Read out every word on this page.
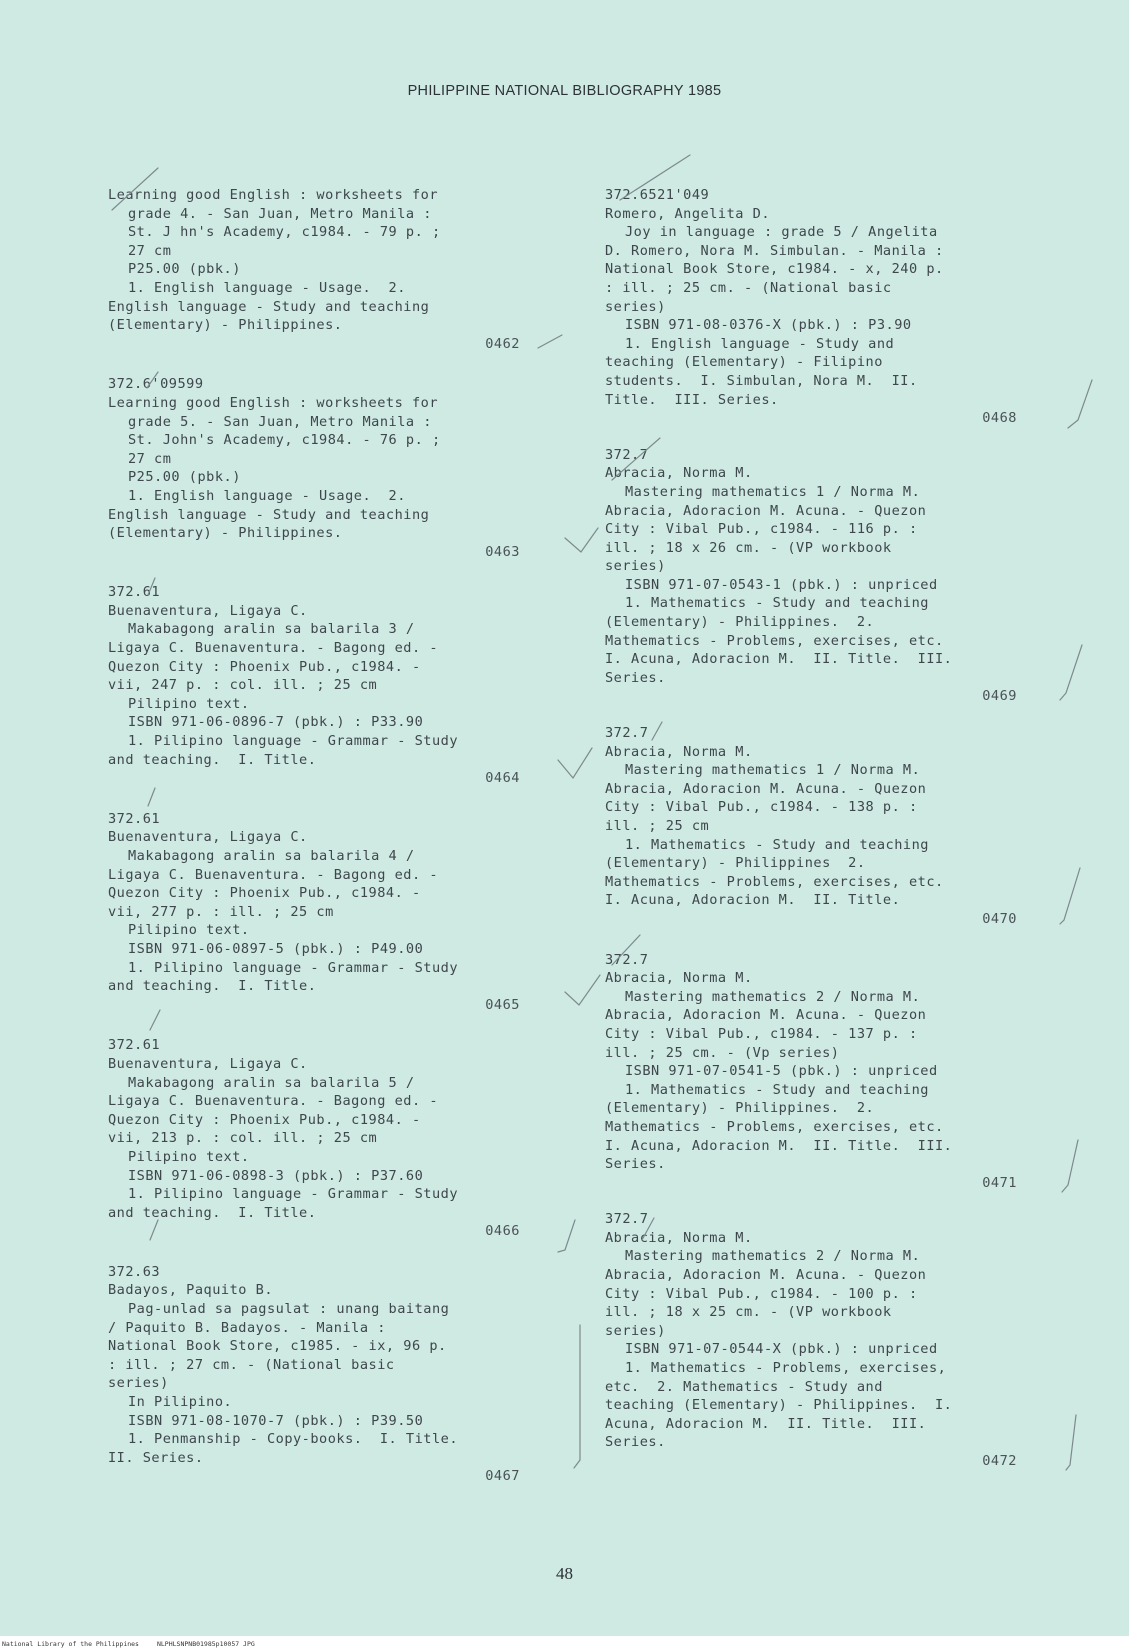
PHILIPPINE NATIONAL BIBLIOGRAPHY 1985
Learning good English : worksheets for
grade 4. - San Juan, Metro Manila :
St. J hn's Academy, c1984. - 79 p. ;
27 cm
P25.00 (pbk.)
1. English language - Usage.  2.
English language - Study and teaching
(Elementary) - Philippines.
0462
372.6'09599
Learning good English : worksheets for
grade 5. - San Juan, Metro Manila :
St. John's Academy, c1984. - 76 p. ;
27 cm
P25.00 (pbk.)
1. English language - Usage.  2.
English language - Study and teaching
(Elementary) - Philippines.
0463
372.61
Buenaventura, Ligaya C.
Makabagong aralin sa balarila 3 /
Ligaya C. Buenaventura. - Bagong ed. -
Quezon City : Phoenix Pub., c1984. -
vii, 247 p. : col. ill. ; 25 cm
Pilipino text.
ISBN 971-06-0896-7 (pbk.) : P33.90
1. Pilipino language - Grammar - Study
and teaching.  I. Title.
0464
372.61
Buenaventura, Ligaya C.
Makabagong aralin sa balarila 4 /
Ligaya C. Buenaventura. - Bagong ed. -
Quezon City : Phoenix Pub., c1984. -
vii, 277 p. : ill. ; 25 cm
Pilipino text.
ISBN 971-06-0897-5 (pbk.) : P49.00
1. Pilipino language - Grammar - Study
and teaching.  I. Title.
0465
372.61
Buenaventura, Ligaya C.
Makabagong aralin sa balarila 5 /
Ligaya C. Buenaventura. - Bagong ed. -
Quezon City : Phoenix Pub., c1984. -
vii, 213 p. : col. ill. ; 25 cm
Pilipino text.
ISBN 971-06-0898-3 (pbk.) : P37.60
1. Pilipino language - Grammar - Study
and teaching.  I. Title.
0466
372.63
Badayos, Paquito B.
Pag-unlad sa pagsulat : unang baitang
/ Paquito B. Badayos. - Manila :
National Book Store, c1985. - ix, 96 p.
: ill. ; 27 cm. - (National basic
series)
In Pilipino.
ISBN 971-08-1070-7 (pbk.) : P39.50
1. Penmanship - Copy-books.  I. Title.
II. Series.
0467
372.6521'049
Romero, Angelita D.
Joy in language : grade 5 / Angelita
D. Romero, Nora M. Simbulan. - Manila :
National Book Store, c1984. - x, 240 p.
: ill. ; 25 cm. - (National basic
series)
ISBN 971-08-0376-X (pbk.) : P3.90
1. English language - Study and
teaching (Elementary) - Filipino
students.  I. Simbulan, Nora M.  II.
Title.  III. Series.
0468
372.7
Abracia, Norma M.
Mastering mathematics 1 / Norma M.
Abracia, Adoracion M. Acuna. - Quezon
City : Vibal Pub., c1984. - 116 p. :
ill. ; 18 x 26 cm. - (VP workbook
series)
ISBN 971-07-0543-1 (pbk.) : unpriced
1. Mathematics - Study and teaching
(Elementary) - Philippines.  2.
Mathematics - Problems, exercises, etc.
I. Acuna, Adoracion M.  II. Title.  III.
Series.
0469
372.7
Abracia, Norma M.
Mastering mathematics 1 / Norma M.
Abracia, Adoracion M. Acuna. - Quezon
City : Vibal Pub., c1984. - 138 p. :
ill. ; 25 cm
1. Mathematics - Study and teaching
(Elementary) - Philippines  2.
Mathematics - Problems, exercises, etc.
I. Acuna, Adoracion M.  II. Title.
0470
372.7
Abracia, Norma M.
Mastering mathematics 2 / Norma M.
Abracia, Adoracion M. Acuna. - Quezon
City : Vibal Pub., c1984. - 137 p. :
ill. ; 25 cm. - (Vp series)
ISBN 971-07-0541-5 (pbk.) : unpriced
1. Mathematics - Study and teaching
(Elementary) - Philippines.  2.
Mathematics - Problems, exercises, etc.
I. Acuna, Adoracion M.  II. Title.  III.
Series.
0471
372.7
Abracia, Norma M.
Mastering mathematics 2 / Norma M.
Abracia, Adoracion M. Acuna. - Quezon
City : Vibal Pub., c1984. - 100 p. :
ill. ; 18 x 25 cm. - (VP workbook
series)
ISBN 971-07-0544-X (pbk.) : unpriced
1. Mathematics - Problems, exercises,
etc.  2. Mathematics - Study and
teaching (Elementary) - Philippines.  I.
Acuna, Adoracion M.  II. Title.  III.
Series.
0472
48
National Library of the Philippines	NLPHLSNPNB01985p10057 JPG
